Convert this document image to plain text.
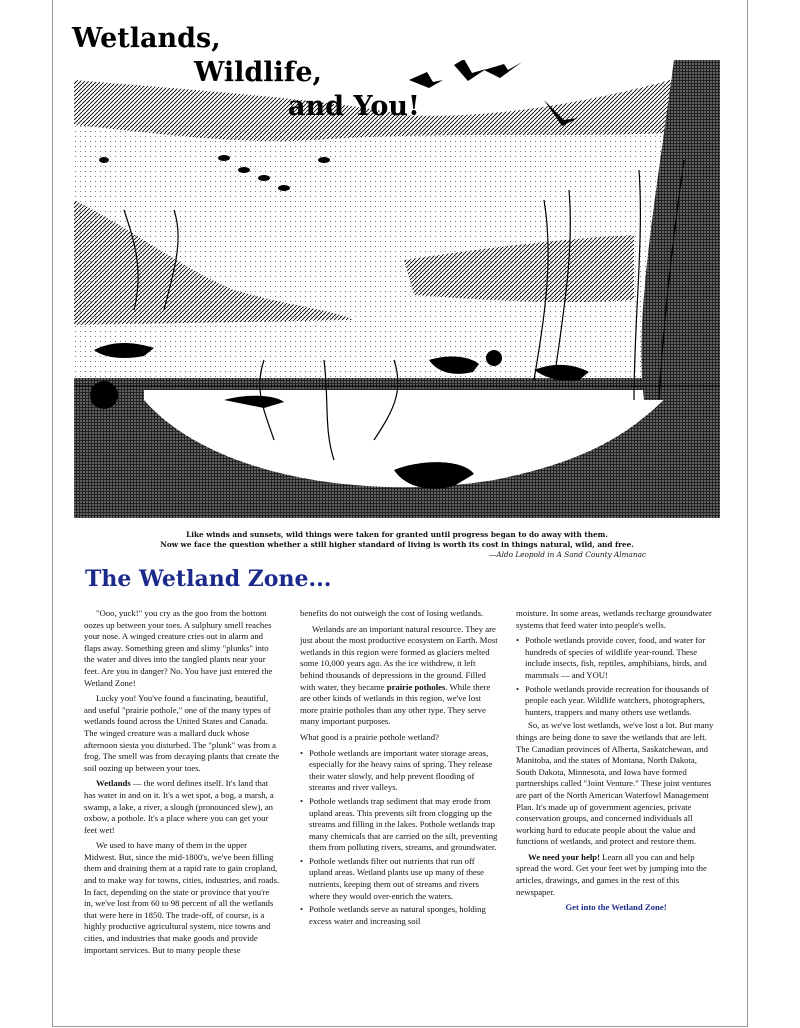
Wetlands,
Wildlife,
and You!
Like winds and sunsets, wild things were taken for granted until progress began to do away with them.
Now we face the question whether a still higher standard of living is worth its cost in things natural, wild, and free.
—Aldo Leopold in A Sand County Almanac
The Wetland Zone...

"Ooo, yuck!" you cry as the goo from the bottom oozes up between your toes. A sulphury smell reaches your nose. A winged creature cries out in alarm and flaps away. Something green and slimy "plunks" into the water and dives into the tangled plants near your feet. Are you in danger? No. You have just entered the Wetland Zone!

Lucky you! You've found a fascinating, beautiful, and useful "prairie pothole," one of the many types of wetlands found across the United States and Canada. The winged creature was a mallard duck whose afternoon siesta you disturbed. The "plunk" was from a frog. The smell was from decaying plants that create the soil oozing up between your toes.

Wetlands — the word defines itself. It's land that has water in and on it. It's a wet spot, a bog, a marsh, a swamp, a lake, a river, a slough (pronounced slew), an oxbow, a pothole. It's a place where you can get your feet wet!

We used to have many of them in the upper Midwest. But, since the mid-1800's, we've been filling them and draining them at a rapid rate to gain cropland, and to make way for towns, cities, industries, and roads. In fact, depending on the state or province that you're in, we've lost from 60 to 98 percent of all the wetlands that were here in 1850. The trade-off, of course, is a highly productive agricultural system, nice towns and cities, and industries that make goods and provide important services. But to many people these

benefits do not outweigh the cost of losing wetlands.

Wetlands are an important natural resource. They are just about the most productive ecosystem on Earth. Most wetlands in this region were formed as glaciers melted some 10,000 years ago. As the ice withdrew, it left behind thousands of depressions in the ground. Filled with water, they became prairie potholes. While there are other kinds of wetlands in this region, we've lost more prairie potholes than any other type. They serve many important purposes.

What good is a prairie pothole wetland?

• Pothole wetlands are important water storage areas, especially for the heavy rains of spring. They release their water slowly, and help prevent flooding of streams and river valleys.
• Pothole wetlands trap sediment that may erode from upland areas. This prevents silt from clogging up the streams and filling in the lakes. Pothole wetlands trap many chemicals that are carried on the silt, preventing them from polluting rivers, streams, and groundwater.
• Pothole wetlands filter out nutrients that run off upland areas. Wetland plants use up many of these nutrients, keeping them out of streams and rivers where they would over-enrich the waters.
• Pothole wetlands serve as natural sponges, holding excess water and increasing soil

moisture. In some areas, wetlands recharge groundwater systems that feed water into people's wells.

• Pothole wetlands provide cover, food, and water for hundreds of species of wildlife year-round. These include insects, fish, reptiles, amphibians, birds, and mammals — and YOU!
• Pothole wetlands provide recreation for thousands of people each year. Wildlife watchers, photographers, hunters, trappers and many others use wetlands.

So, as we've lost wetlands, we've lost a lot. But many things are being done to save the wetlands that are left. The Canadian provinces of Alberta, Saskatchewan, and Manitoba, and the states of Montana, North Dakota, South Dakota, Minnesota, and Iowa have formed partnerships called "Joint Venture." These joint ventures are part of the North American Waterfowl Management Plan. It's made up of government agencies, private conservation groups, and concerned individuals all working hard to educate people about the value and functions of wetlands, and protect and restore them.

We need your help! Learn all you can and help spread the word. Get your feet wet by jumping into the articles, drawings, and games in the rest of this newspaper.

Get into the Wetland Zone!
